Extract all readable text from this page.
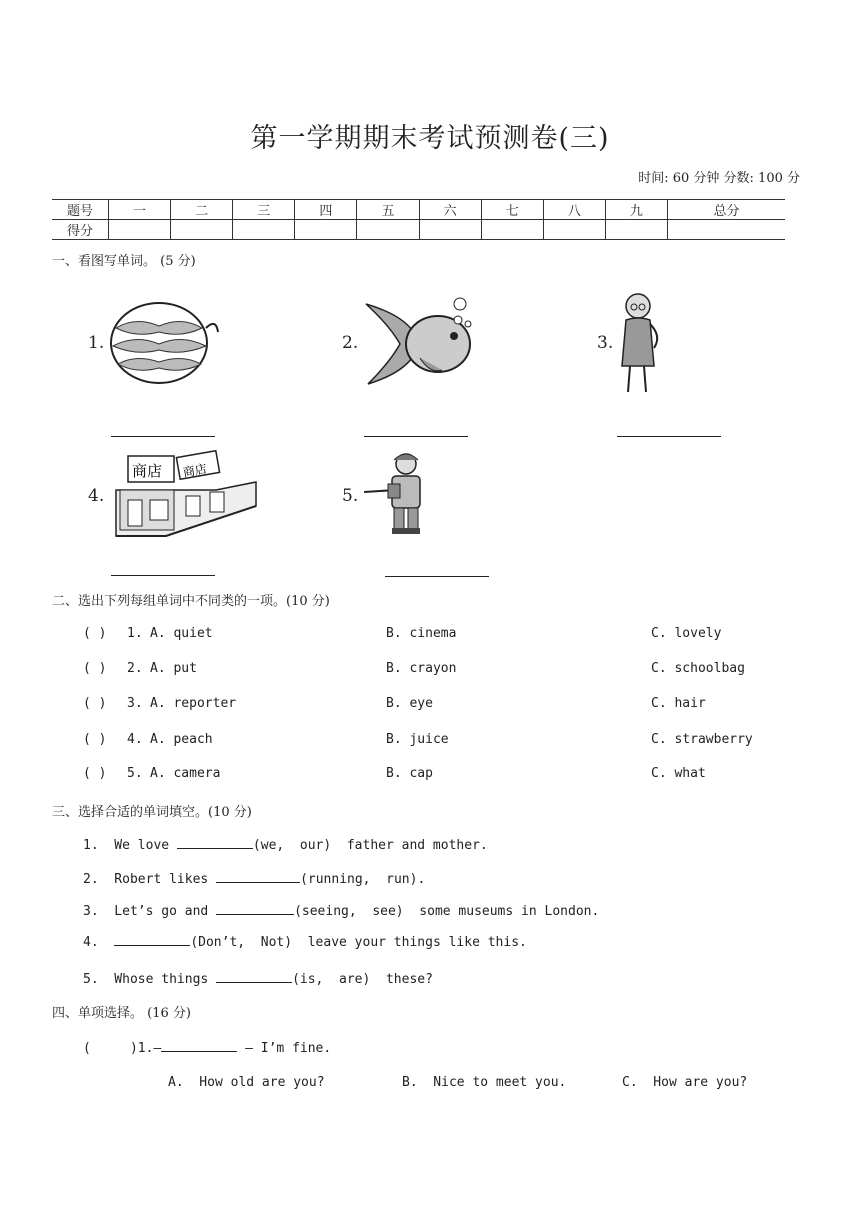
第一学期期末考试预测卷(三)
时间: 60 分钟 分数: 100 分
题号	一	二	三	四	五	六	七	八	九	总分
得分										
一、看图写单词。 (5 分)
1.	2.	3.
4.
商店 商店
5.
二、选出下列每组单词中不同类的一项。(10 分)
( ) 1. A. quiet	B. cinema	C. lovely
( ) 2. A. put	B. crayon	C. schoolbag
( ) 3. A. reporter	B. eye	C. hair
( ) 4. A. peach	B. juice	C. strawberry
( ) 5. A. camera	B. cap	C. what
三、选择合适的单词填空。(10 分)
1.  We love	(we,  our)  father and mother.
2.  Robert likes	(running,  run).
3.  Let’s go and	(seeing,  see)  some museums in London.
4.	(Don’t,  Not)  leave your things like this.
5.  Whose things	(is,  are)  these?
四、单项选择。 (16 分)
(     )1.—	— I’m fine.
A.  How old are you?	B.  Nice to meet you.	C.  How are you?
